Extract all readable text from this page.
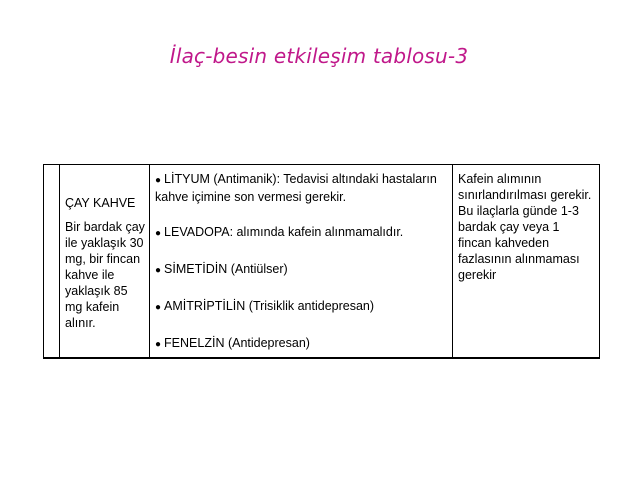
İlaç-besin etkileşim tablosu-3

ÇAY KAHVE
Bir bardak çay ile yaklaşık 30 mg, bir fincan kahve ile yaklaşık 85 mg kafein alınır.

● LİTYUM (Antimanik): Tedavisi altındaki hastaların kahve içimine son vermesi gerekir.
● LEVADOPA: alımında kafein alınmamalıdır.
● SİMETİDİN (Antiülser)
● AMİTRİPTİLİN (Trisiklik antidepresan)
● FENELZİN (Antidepresan)

Kafein alımının sınırlandırılması gerekir. Bu ilaçlarla günde 1-3 bardak çay veya 1 fincan kahveden fazlasının alınmaması gerekir
